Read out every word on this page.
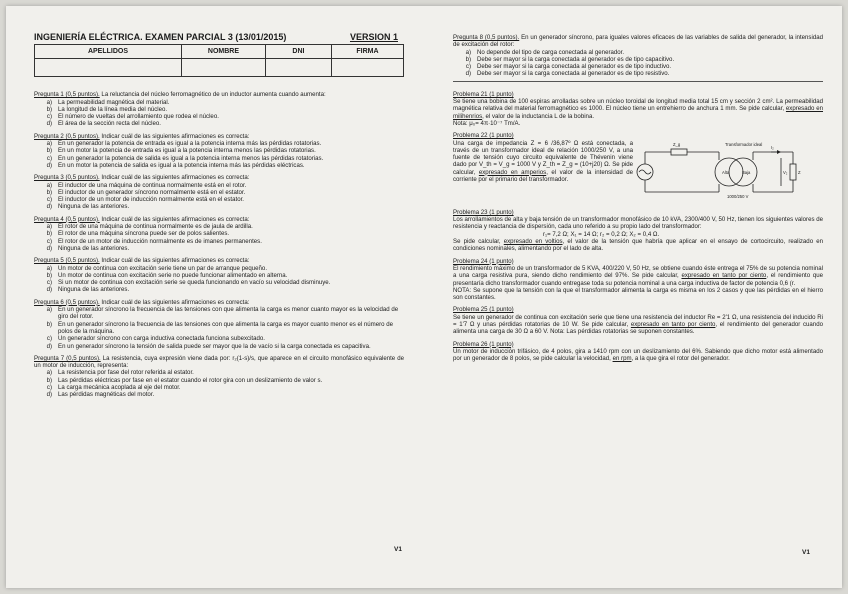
INGENIERÍA ELÉCTRICA. EXAMEN PARCIAL 3 (13/01/2015)	VERSION 1
APELLIDOS	NOMBRE	DNI	FIRMA

Pregunta 1 (0,5 puntos). La reluctancia del núcleo ferromagnético de un inductor aumenta cuando aumenta:
a) La permeabilidad magnética del material.
b) La longitud de la línea media del núcleo.
c) El número de vueltas del arrollamiento que rodea el núcleo.
d) El área de la sección recta del núcleo.
Pregunta 2 (0,5 puntos). Indicar cuál de las siguientes afirmaciones es correcta:
a) En un generador la potencia de entrada es igual a la potencia interna más las pérdidas rotatorias.
b) En un motor la potencia de entrada es igual a la potencia interna menos las pérdidas rotatorias.
c) En un generador la potencia de salida es igual a la potencia interna menos las pérdidas rotatorias.
d) En un motor la potencia de salida es igual a la potencia interna más las pérdidas eléctricas.
Pregunta 3 (0,5 puntos). Indicar cuál de las siguientes afirmaciones es correcta:
a) El inductor de una máquina de continua normalmente está en el rotor.
b) El inductor de un generador síncrono normalmente está en el estator.
c) El inductor de un motor de inducción normalmente está en el estator.
d) Ninguna de las anteriores.
Pregunta 4 (0,5 puntos). Indicar cuál de las siguientes afirmaciones es correcta:
a) El rotor de una máquina de continua normalmente es de jaula de ardilla.
b) El rotor de una máquina síncrona puede ser de polos salientes.
c) El rotor de un motor de inducción normalmente es de imanes permanentes.
d) Ninguna de las anteriores.
Pregunta 5 (0,5 puntos). Indicar cuál de las siguientes afirmaciones es correcta:
a) Un motor de continua con excitación serie tiene un par de arranque pequeño.
b) Un motor de continua con excitación serie no puede funcionar alimentado en alterna.
c) Si un motor de continua con excitación serie se queda funcionando en vacío su velocidad disminuye.
d) Ninguna de las anteriores.
Pregunta 6 (0,5 puntos). Indicar cuál de las siguientes afirmaciones es correcta:
a) En un generador síncrono la frecuencia de las tensiones con que alimenta la carga es menor cuanto mayor es la velocidad de giro del rotor.
b) En un generador síncrono la frecuencia de las tensiones con que alimenta la carga es mayor cuanto menor es el número de polos de la máquina.
c) Un generador síncrono con carga inductiva conectada funciona subexcitado.
d) En un generador síncrono la tensión de salida puede ser mayor que la de vacío si la carga conectada es capacitiva.
Pregunta 7 (0,5 puntos). La resistencia, cuya expresión viene dada por: r₂(1-s)/s, que aparece en el circuito monofásico equivalente de un motor de inducción, representa:
a) La resistencia por fase del rotor referida al estator.
b) Las pérdidas eléctricas por fase en el estator cuando el rotor gira con un deslizamiento de valor s.
c) La carga mecánica acoplada al eje del motor.
d) Las pérdidas magnéticas del motor.
Pregunta 8 (0,5 puntos). En un generador síncrono, para iguales valores eficaces de las variables de salida del generador, la intensidad de excitación del rotor:
a) No depende del tipo de carga conectada al generador.
b) Debe ser mayor si la carga conectada al generador es de tipo capacitivo.
c) Debe ser mayor si la carga conectada al generador es de tipo inductivo.
d) Debe ser mayor si la carga conectada al generador es de tipo resistivo.
Problema 21 (1 punto)
Se tiene una bobina de 100 espiras arrolladas sobre un núcleo toroidal de longitud media total 15 cm y sección 2 cm². La permeabilidad magnética relativa del material ferromagnético es 1000. El núcleo tiene un entrehierro de anchura 1 mm. Se pide calcular, expresado en milihenrios, el valor de la inductancia L de la bobina.
Nota: μ₀= 4π·10⁻⁷ Tm/A.
Problema 22 (1 punto)
Una carga de impedancia Z = 6 /36,87º Ω está conectada, a través de un transformador ideal de relación 1000/250 V, a una fuente de tensión cuyo circuito equivalente de Thévenin viene dado por V_th = V_g = 1000 V y Z_th = Z_g = (10+j20) Ω. Se pide calcular, expresado en amperios, el valor de la intensidad de corriente por el primario del transformador.
Z_g	Transformador ideal
Alta	Baja
1000/250 V
I₂
V₂	Z
Problema 23 (1 punto)
Los arrollamientos de alta y baja tensión de un transformador monofásico de 10 kVA, 2300/400 V, 50 Hz, tienen los siguientes valores de resistencia y reactancia de dispersión, cada uno referido a su propio lado del transformador:
r₁= 7,2 Ω; X₁ = 14 Ω; r₂ = 0,2 Ω; X₂ = 0,4 Ω.
Se pide calcular, expresado en voltios, el valor de la tensión que habría que aplicar en el ensayo de cortocircuito, realizado en condiciones nominales, alimentando por el lado de alta.
Problema 24 (1 punto)
El rendimiento máximo de un transformador de 5 KVA, 400/220 V, 50 Hz, se obtiene cuando éste entrega el 75% de su potencia nominal a una carga resistiva pura, siendo dicho rendimiento del 97%. Se pide calcular, expresado en tanto por ciento, el rendimiento que presentaría dicho transformador cuando entregase toda su potencia nominal a una carga inductiva de factor de potencia 0,6 (r.
NOTA: Se supone que la tensión con la que el transformador alimenta la carga es misma en los 2 casos y que las pérdidas en el hierro son constantes.
Problema 25 (1 punto)
Se tiene un generador de continua con excitación serie que tiene una resistencia del inductor Re = 2'1 Ω, una resistencia del inducido Ri = 1'7 Ω y unas pérdidas rotatorias de 10 W. Se pide calcular, expresado en tanto por ciento, el rendimiento del generador cuando alimenta una carga de 30 Ω a 60 V. Nota: Las pérdidas rotatorias se suponen constantes.
Problema 26 (1 punto)
Un motor de inducción trifásico, de 4 polos, gira a 1410 rpm con un deslizamiento del 6%. Sabiendo que dicho motor está alimentado por un generador de 8 polos, se pide calcular la velocidad, en rpm, a la que gira el rotor del generador.
V1	V1
